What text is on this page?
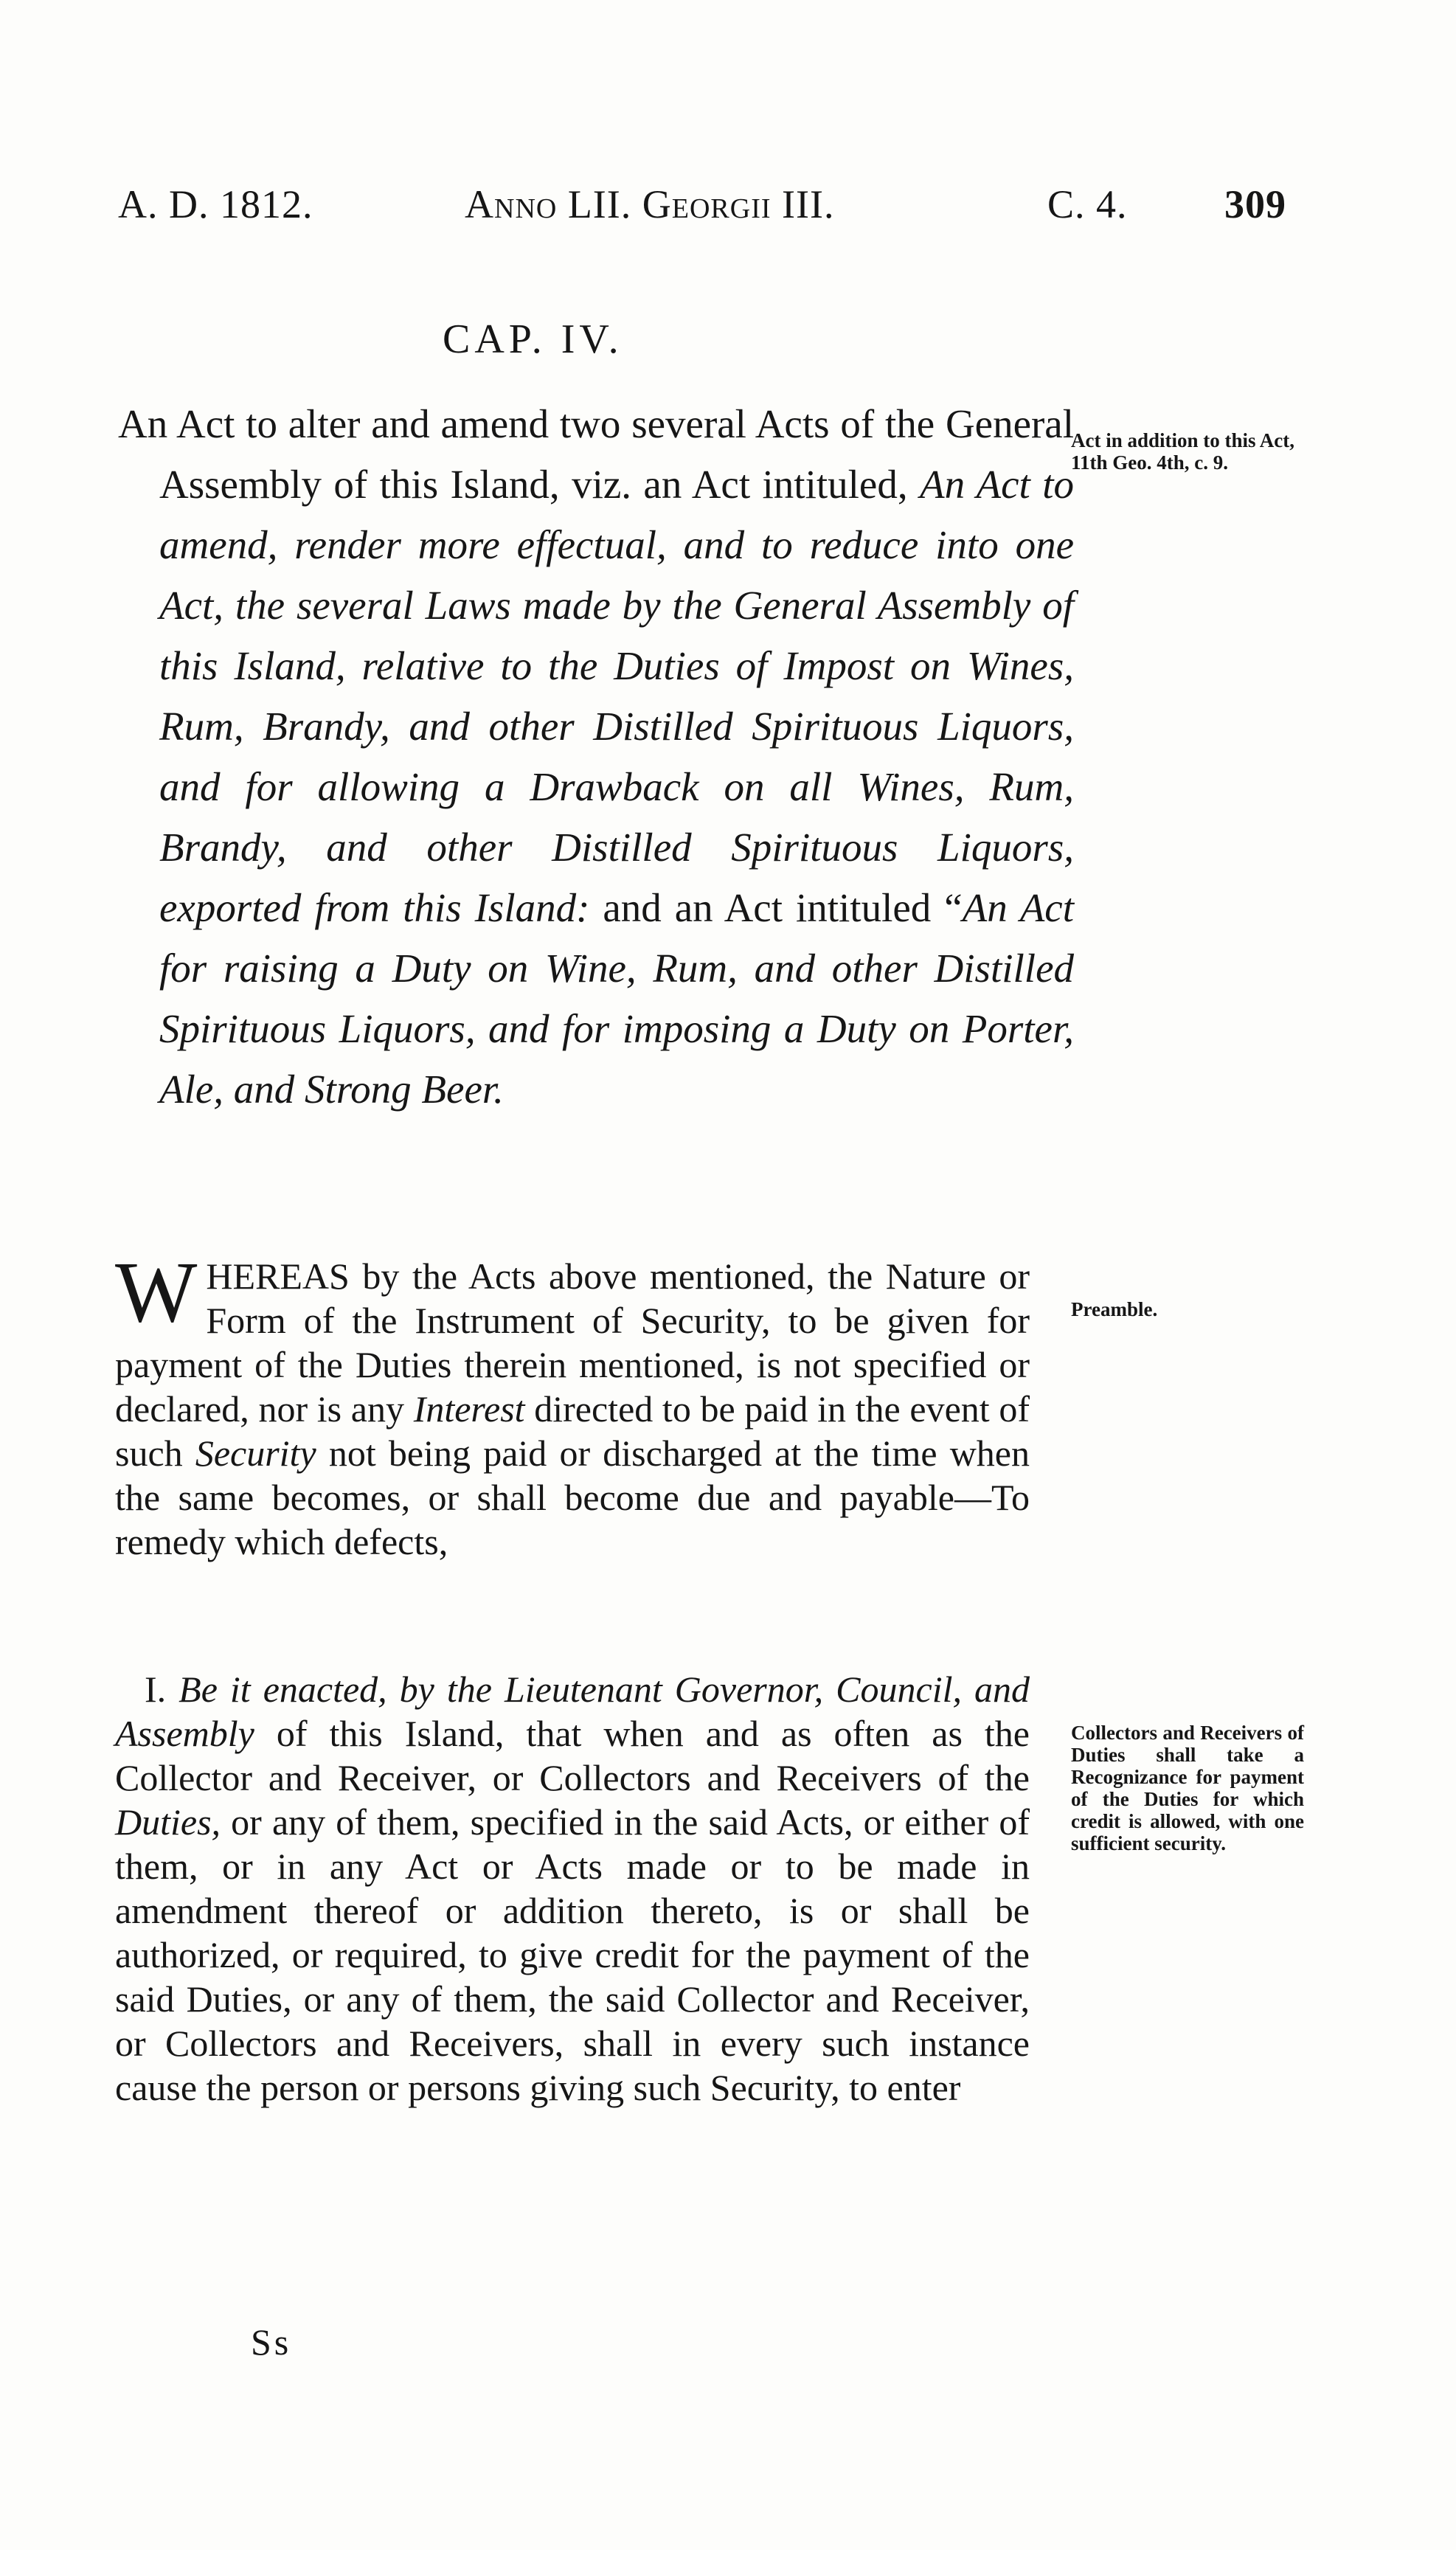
A. D. 1812.	Anno LII. Georgii III.	C. 4. 309
CAP. IV.
An Act to alter and amend two several Acts of the General Assembly of this Island, viz. an Act intituled, An Act to amend, render more effectual, and to reduce into one Act, the several Laws made by the General Assembly of this Island, relative to the Duties of Impost on Wines, Rum, Brandy, and other Distilled Spirituous Liquors, and for allowing a Drawback on all Wines, Rum, Brandy, and other Distilled Spirituous Liquors, exported from this Island: and an Act intituled “An Act for raising a Duty on Wine, Rum, and other Distilled Spirituous Liquors, and for imposing a Duty on Porter, Ale, and Strong Beer.
Act in addition to this Act, 11th Geo. 4th, c. 9.
Preamble.
Collectors and Receivers of Duties shall take a Recognizance for payment of the Duties for which credit is allowed, with one sufficient security.
WHEREAS by the Acts above mentioned, the Nature or Form of the Instrument of Security, to be given for payment of the Duties therein mentioned, is not specified or declared, nor is any Interest directed to be paid in the event of such Security not being paid or discharged at the time when the same becomes, or shall become due and payable—To remedy which defects,
I. Be it enacted, by the Lieutenant Governor, Council, and Assembly of this Island, that when and as often as the Collector and Receiver, or Collectors and Receivers of the Duties, or any of them, specified in the said Acts, or either of them, or in any Act or Acts made or to be made in amendment thereof or addition thereto, is or shall be authorized, or required, to give credit for the payment of the said Duties, or any of them, the said Collector and Receiver, or Collectors and Receivers, shall in every such instance cause the person or persons giving such Security, to enter
Ss
